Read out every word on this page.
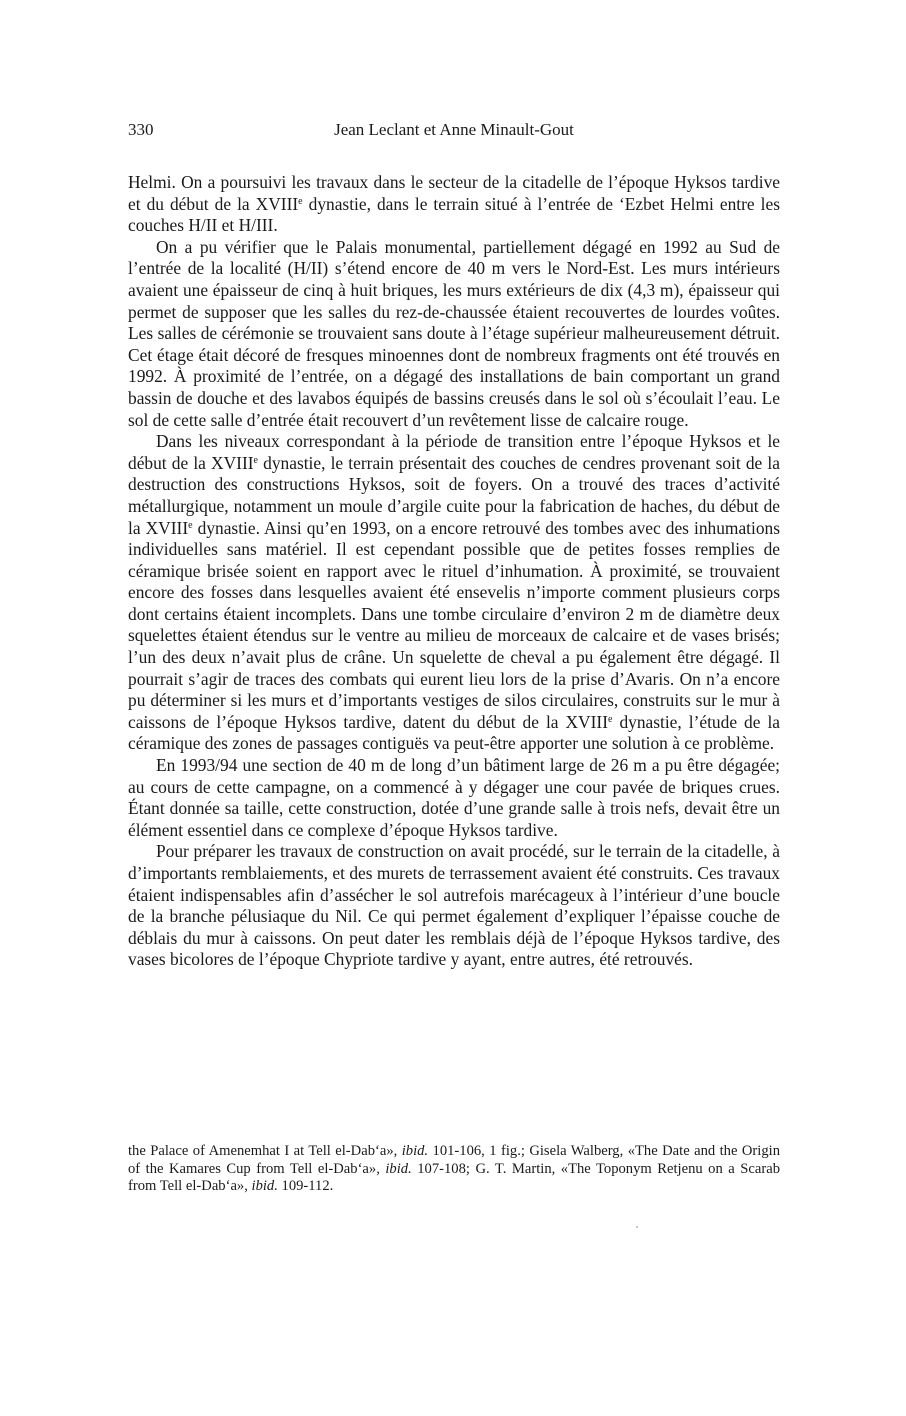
330	Jean Leclant et Anne Minault-Gout

Helmi. On a poursuivi les travaux dans le secteur de la citadelle de l’époque Hyksos tardive et du début de la XVIIIe dynastie, dans le terrain situé à l’entrée de ‘Ezbet Helmi entre les couches H/II et H/III.

On a pu vérifier que le Palais monumental, partiellement dégagé en 1992 au Sud de l’entrée de la localité (H/II) s’étend encore de 40 m vers le Nord-Est. Les murs intérieurs avaient une épaisseur de cinq à huit briques, les murs extérieurs de dix (4,3 m), épaisseur qui permet de supposer que les salles du rez-de-chaussée étaient recouvertes de lourdes voûtes. Les salles de cérémonie se trouvaient sans doute à l’étage supérieur malheureusement détruit. Cet étage était décoré de fresques minoennes dont de nombreux fragments ont été trouvés en 1992. À proximité de l’entrée, on a dégagé des installations de bain comportant un grand bassin de douche et des lavabos équipés de bassins creusés dans le sol où s’écoulait l’eau. Le sol de cette salle d’entrée était recouvert d’un revêtement lisse de calcaire rouge.

Dans les niveaux correspondant à la période de transition entre l’époque Hyksos et le début de la XVIIIe dynastie, le terrain présentait des couches de cendres provenant soit de la destruction des constructions Hyksos, soit de foyers. On a trouvé des traces d’activité métallurgique, notamment un moule d’argile cuite pour la fabrication de haches, du début de la XVIIIe dynastie. Ainsi qu’en 1993, on a encore retrouvé des tombes avec des inhumations individuelles sans matériel. Il est cependant possible que de petites fosses remplies de céramique brisée soient en rapport avec le rituel d’inhumation. À proximité, se trouvaient encore des fosses dans lesquelles avaient été ensevelis n’importe comment plusieurs corps dont certains étaient incomplets. Dans une tombe circulaire d’environ 2 m de diamètre deux squelettes étaient étendus sur le ventre au milieu de morceaux de calcaire et de vases brisés; l’un des deux n’avait plus de crâne. Un squelette de cheval a pu également être dégagé. Il pourrait s’agir de traces des combats qui eurent lieu lors de la prise d’Avaris. On n’a encore pu déterminer si les murs et d’importants vestiges de silos circulaires, construits sur le mur à caissons de l’époque Hyksos tardive, datent du début de la XVIIIe dynastie, l’étude de la céramique des zones de passages contiguës va peut-être apporter une solution à ce problème.

En 1993/94 une section de 40 m de long d’un bâtiment large de 26 m a pu être dégagée; au cours de cette campagne, on a commencé à y dégager une cour pavée de briques crues. Étant donnée sa taille, cette construction, dotée d’une grande salle à trois nefs, devait être un élément essentiel dans ce complexe d’époque Hyksos tardive.

Pour préparer les travaux de construction on avait procédé, sur le terrain de la citadelle, à d’importants remblaiements, et des murets de terrassement avaient été construits. Ces travaux étaient indispensables afin d’assécher le sol autrefois marécageux à l’intérieur d’une boucle de la branche pélusiaque du Nil. Ce qui permet également d’expliquer l’épaisse couche de déblais du mur à caissons. On peut dater les remblais déjà de l’époque Hyksos tardive, des vases bicolores de l’époque Chypriote tardive y ayant, entre autres, été retrouvés.

the Palace of Amenemhat I at Tell el-Dab‘a», ibid. 101-106, 1 fig.; Gisela Walberg, «The Date and the Origin of the Kamares Cup from Tell el-Dab‘a», ibid. 107-108; G. T. Martin, «The Toponym Retjenu on a Scarab from Tell el-Dab‘a», ibid. 109-112.
